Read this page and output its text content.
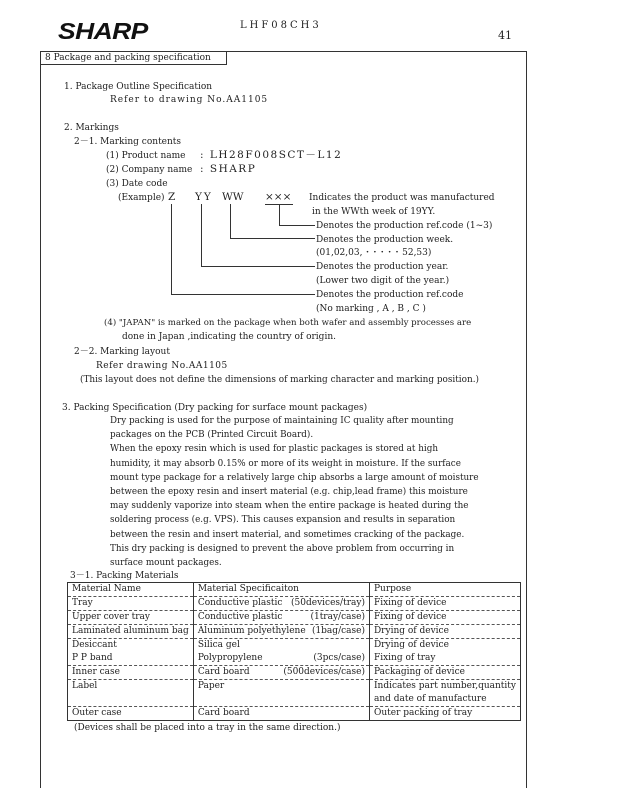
SHARP	LHF08CH3
41
8 Package and packing specification
1. Package Outline Specification
Refer to drawing No.AA1105
2. Markings
2－1. Marking contents
(1) Product name : LH28F008SCT－L12
(2) Company name : SHARP
(3) Date code
(Example) Z YY WW ××× Indicates the product was manufactured
in the WWth week of 19YY.
Denotes the production ref.code (1~3)
Denotes the production week.
(01,02,03, ･ ･ ･ ･ ･ 52,53)
Denotes the production year.
(Lower two digit of the year.)
Denotes the production ref.code
(No marking , A , B , C )
(4) "JAPAN" is marked on the package when both wafer and assembly processes are
done in Japan ,indicating the country of origin.
2－2. Marking layout
Refer drawing No.AA1105
(This layout does not define the dimensions of marking character and marking position.)
3. Packing Specification (Dry packing for surface mount packages)
Dry packing is used for the purpose of maintaining IC quality after mounting
packages on the PCB (Printed Circuit Board).
When the epoxy resin which is used for plastic packages is stored at high
humidity, it may absorb 0.15% or more of its weight in moisture. If the surface
mount type package for a relatively large chip absorbs a large amount of moisture
between the epoxy resin and insert material (e.g. chip,lead frame) this moisture
may suddenly vaporize into steam when the entire package is heated during the
soldering process (e.g. VPS). This causes expansion and results in separation
between the resin and insert material, and sometimes cracking of the package.
This dry packing is designed to prevent the above problem from occurring in
surface mount packages.
3－1. Packing Materials
Material Name	Material Specificaiton	Purpose
Tray	Conductive plastic (50devices/tray)	Fixing of device

Upper cover tray	Conductive plastic (1tray/case)	Fixing of device

Laminated aluminum bag	Aluminum polyethylene (1bag/case)	Drying of device

Desiccant	Silica gel	Drying of device

P P band	Polypropylene (3pcs/case)	Fixing of tray

Inner case	Card board (500devices/case)	Packaging of device

Label	Paper	Indicates part number,quantity
and date of manufacture

Outer case	Card board	Outer packing of tray
(Devices shall be placed into a tray in the same direction.)
